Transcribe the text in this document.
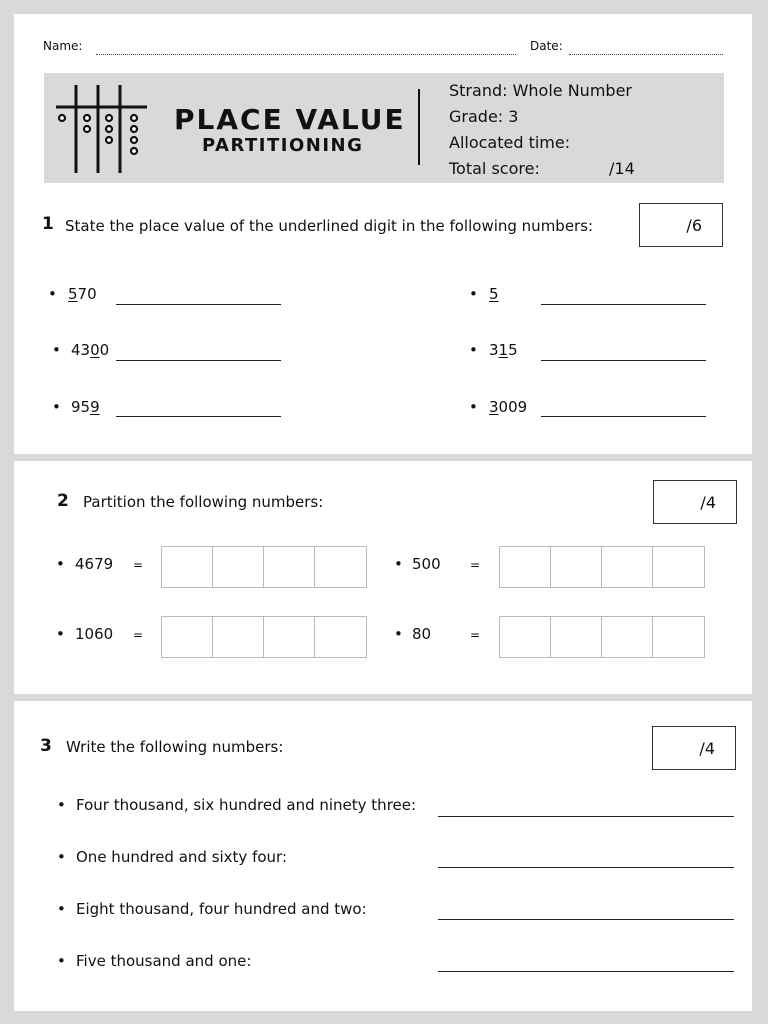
Name:	Date:
PLACE VALUE
PARTITIONING
Strand: Whole Number
Grade: 3
Allocated time:
Total score:	/14
1 State the place value of the underlined digit in the following numbers:	/6
• 570
• 4300
• 959
• 5
• 315
• 3009
2 Partition the following numbers:	/4
• 4679 =	• 500 =
• 1060 =	• 80	=
3 Write the following numbers:	/4
• Four thousand, six hundred and ninety three:
• One hundred and sixty four:
• Eight thousand, four hundred and two:
• Five thousand and one:
